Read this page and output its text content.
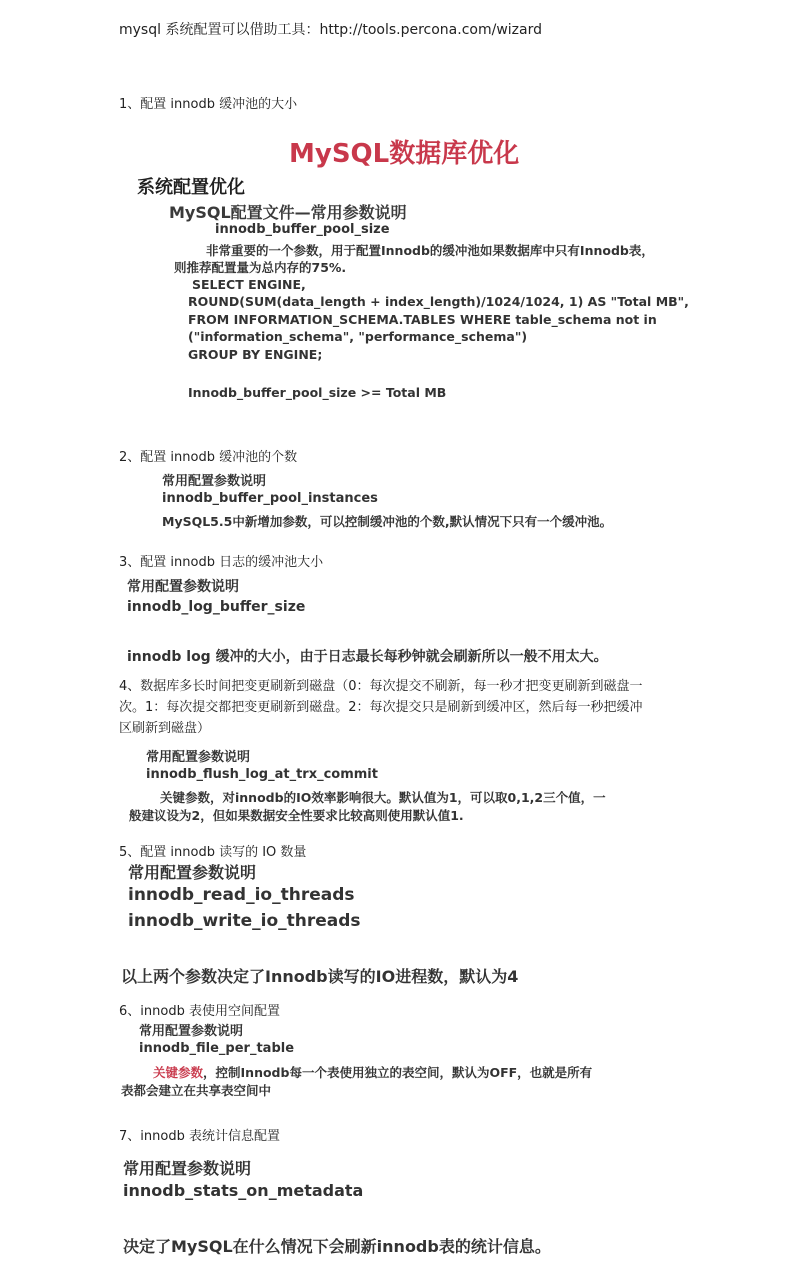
mysql 系统配置可以借助工具：http://tools.percona.com/wizard
1、配置 innodb 缓冲池的大小
MySQL数据库优化
系统配置优化
MySQL配置文件—常用参数说明
innodb_buffer_pool_size
非常重要的一个参数，用于配置Innodb的缓冲池如果数据库中只有Innodb表，
则推荐配置量为总内存的75%.
SELECT ENGINE,
ROUND(SUM(data_length + index_length)/1024/1024, 1) AS "Total MB",
FROM INFORMATION_SCHEMA.TABLES WHERE table_schema not in
("information_schema", "performance_schema")
GROUP BY ENGINE;
Innodb_buffer_pool_size >= Total MB
2、配置 innodb 缓冲池的个数
常用配置参数说明
innodb_buffer_pool_instances
MySQL5.5中新增加参数，可以控制缓冲池的个数,默认情况下只有一个缓冲池。
3、配置 innodb 日志的缓冲池大小
常用配置参数说明
innodb_log_buffer_size
innodb log 缓冲的大小，由于日志最长每秒钟就会刷新所以一般不用太大。
4、数据库多长时间把变更刷新到磁盘（0：每次提交不刷新，每一秒才把变更刷新到磁盘一
次。1：每次提交都把变更刷新到磁盘。2：每次提交只是刷新到缓冲区，然后每一秒把缓冲
区刷新到磁盘）
常用配置参数说明
innodb_flush_log_at_trx_commit
关键参数，对innodb的IO效率影响很大。默认值为1，可以取0,1,2三个值，一
般建议设为2，但如果数据安全性要求比较高则使用默认值1.
5、配置 innodb 读写的 IO 数量
常用配置参数说明
innodb_read_io_threads
innodb_write_io_threads
以上两个参数决定了Innodb读写的IO进程数，默认为4
6、innodb 表使用空间配置
常用配置参数说明
innodb_file_per_table
关键参数，控制Innodb每一个表使用独立的表空间，默认为OFF，也就是所有
表都会建立在共享表空间中
7、innodb 表统计信息配置
常用配置参数说明
innodb_stats_on_metadata
决定了MySQL在什么情况下会刷新innodb表的统计信息。
